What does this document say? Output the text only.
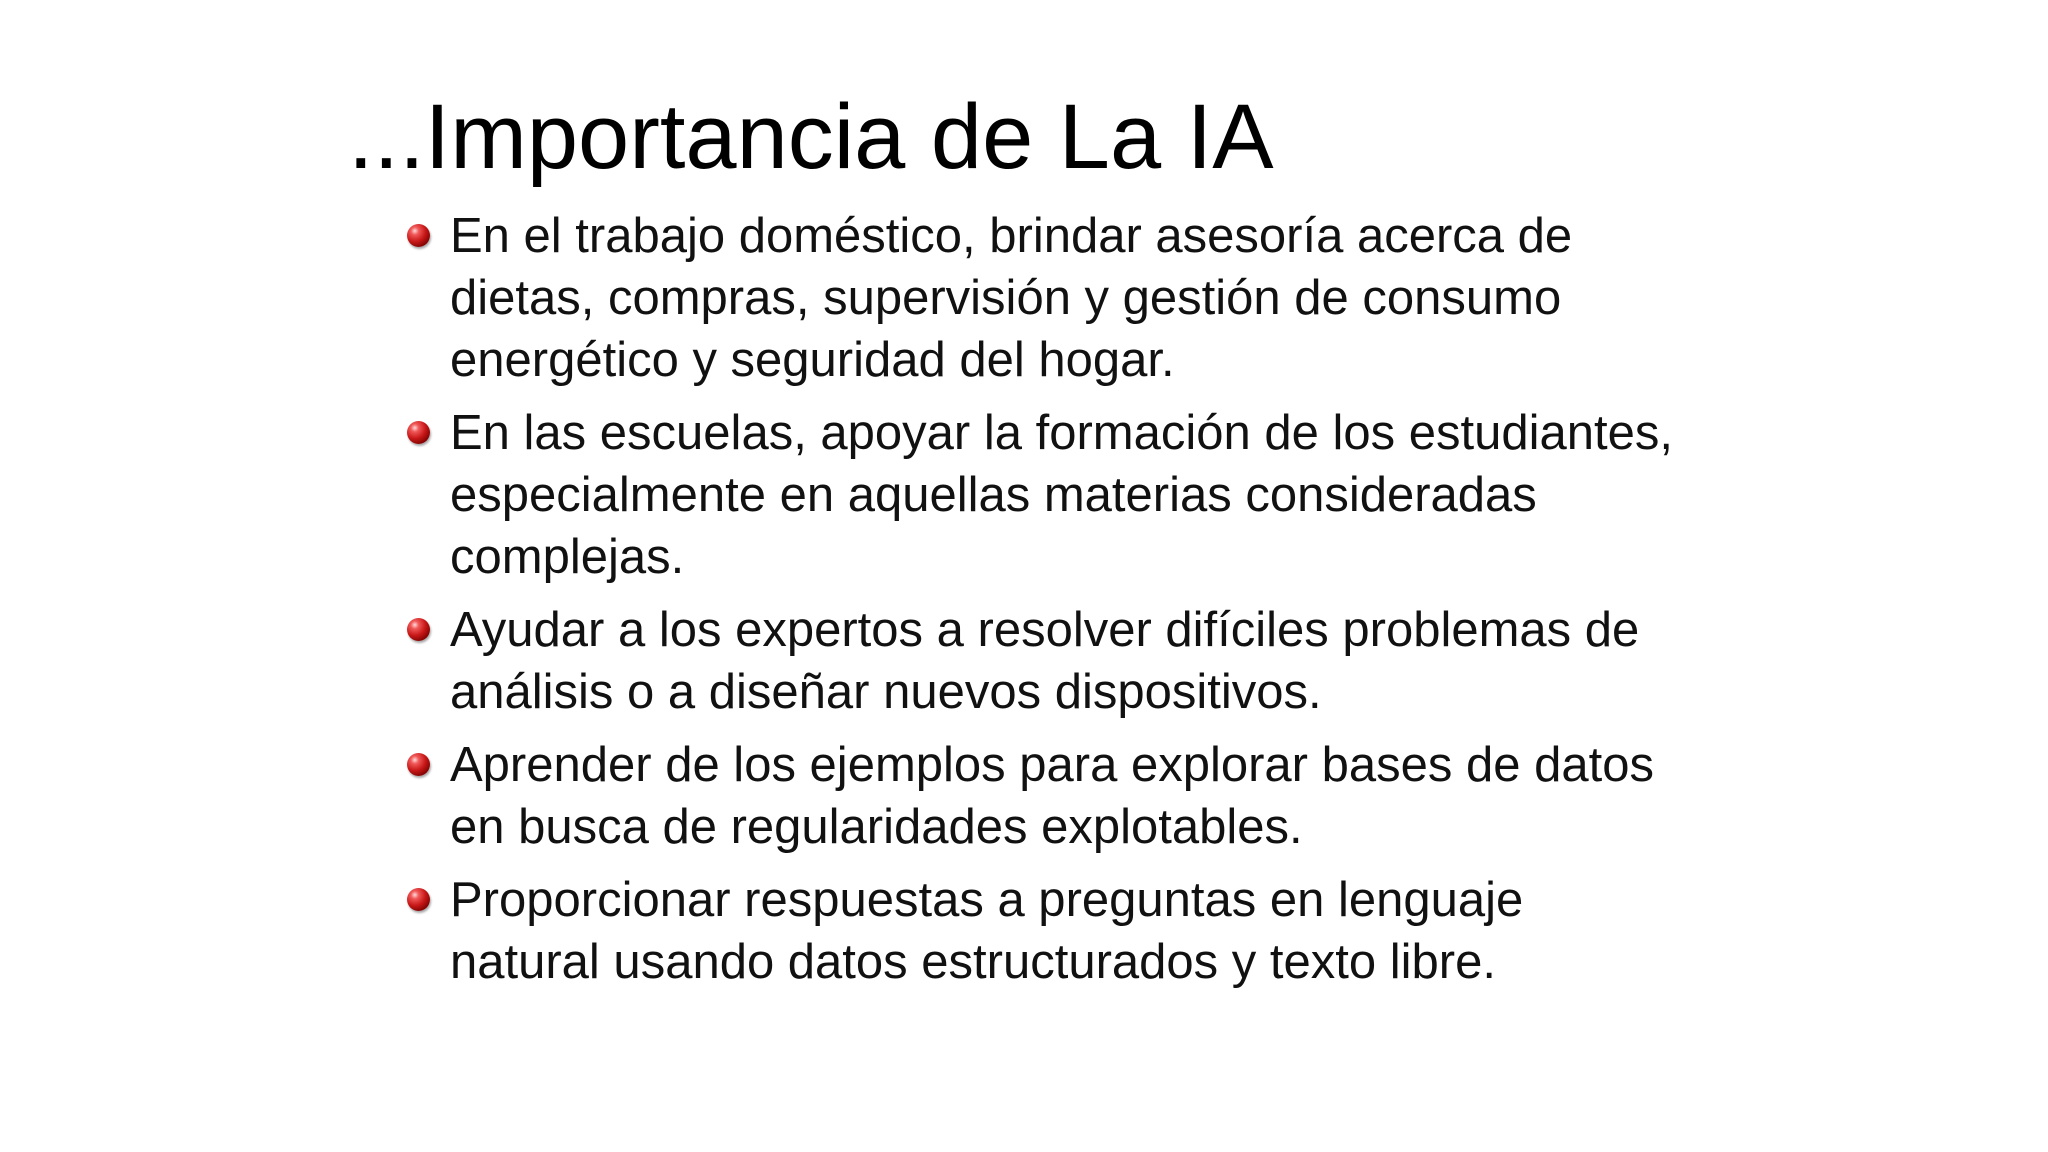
...Importancia de La IA
En el trabajo doméstico, brindar asesoría acerca de
dietas, compras, supervisión y gestión de consumo
energético y seguridad del hogar.
En las escuelas, apoyar la formación de los estudiantes,
especialmente en aquellas materias consideradas
complejas.
Ayudar a los expertos a resolver difíciles problemas de
análisis o a diseñar nuevos dispositivos.
Aprender de los ejemplos para explorar bases de datos
en busca de regularidades explotables.
Proporcionar respuestas a preguntas en lenguaje
natural usando datos estructurados y texto libre.
